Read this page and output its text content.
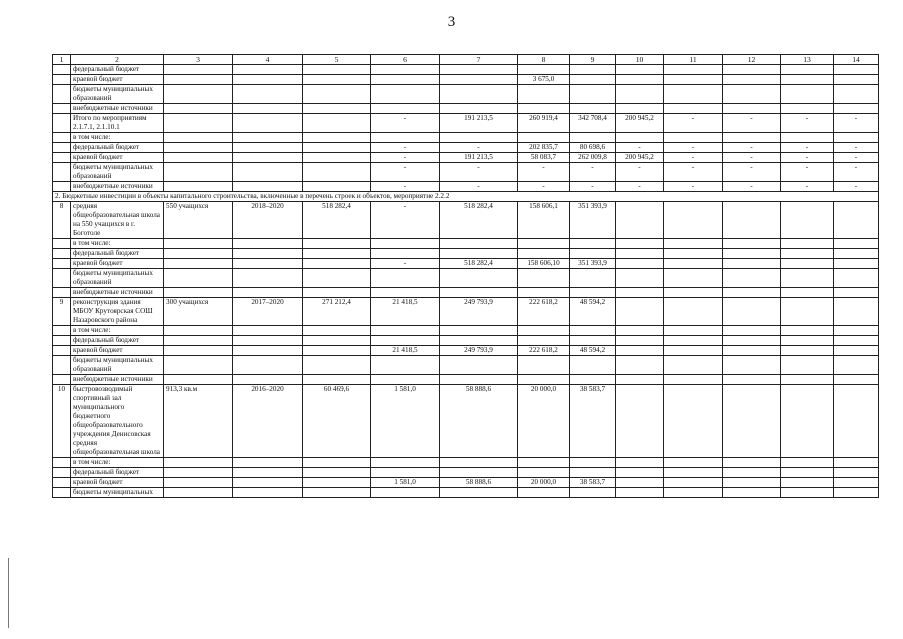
3
1	2	3	4	5	6	7	8	9	10	11	12	13	14
	федеральный бюджет												
	краевой бюджет						3 675,0						
	бюджеты муниципальных образований												
	внебюджетные источники												
	Итого по мероприятиям 2.1.7.1, 2.1.10.1				-	191 213,5	260 919,4	342 708,4	200 945,2	-	-	-	-
	в том числе:												
	федеральный бюджет				-	-	202 835,7	80 698,6	-	-	-	-	-
	краевой бюджет				-	191 213,5	58 083,7	262 009,8	200 945,2	-	-	-	-
	бюджеты муниципальных образований				-	-	-	-	-	-	-	-	-
	внебюджетные источники				-	-	-	-	-	-	-	-	-
2. Бюджетные инвестиции в объекты капитального строительства, включенные в перечень строек и объектов, мероприятие 2.2.2													
8	средняя общеобразовательная школа на 550 учащихся в г. Боготоле	550 учащихся	2018–2020	518 282,4	-	518 282,4	158 606,1	351 393,9					
	в том числе:												
	федеральный бюджет												
	краевой бюджет				-	518 282,4	158 606,10	351 393,9					
	бюджеты муниципальных образований												
	внебюджетные источники												
9	реконструкция здания МБОУ Крутоярская СОШ Назаровского района	300 учащихся	2017–2020	271 212,4	21 418,5	249 793,9	222 618,2	48 594,2					
	в том числе:												
	федеральный бюджет												
	краевой бюджет				21 418,5	249 793,9	222 618,2	48 594,2					
	бюджеты муниципальных образований												
	внебюджетные источники												
10	быстровозводимый спортивный зал муниципального бюджетного общеобразовательного учреждения Денисовская средняя общеобразовательная школа	913,3 кв.м	2016–2020	60 469,6	1 581,0	58 888,6	20 000,0	38 583,7					
	в том числе:												
	федеральный бюджет												
	краевой бюджет				1 581,0	58 888,6	20 000,0	38 583,7					
	бюджеты муниципальных												
